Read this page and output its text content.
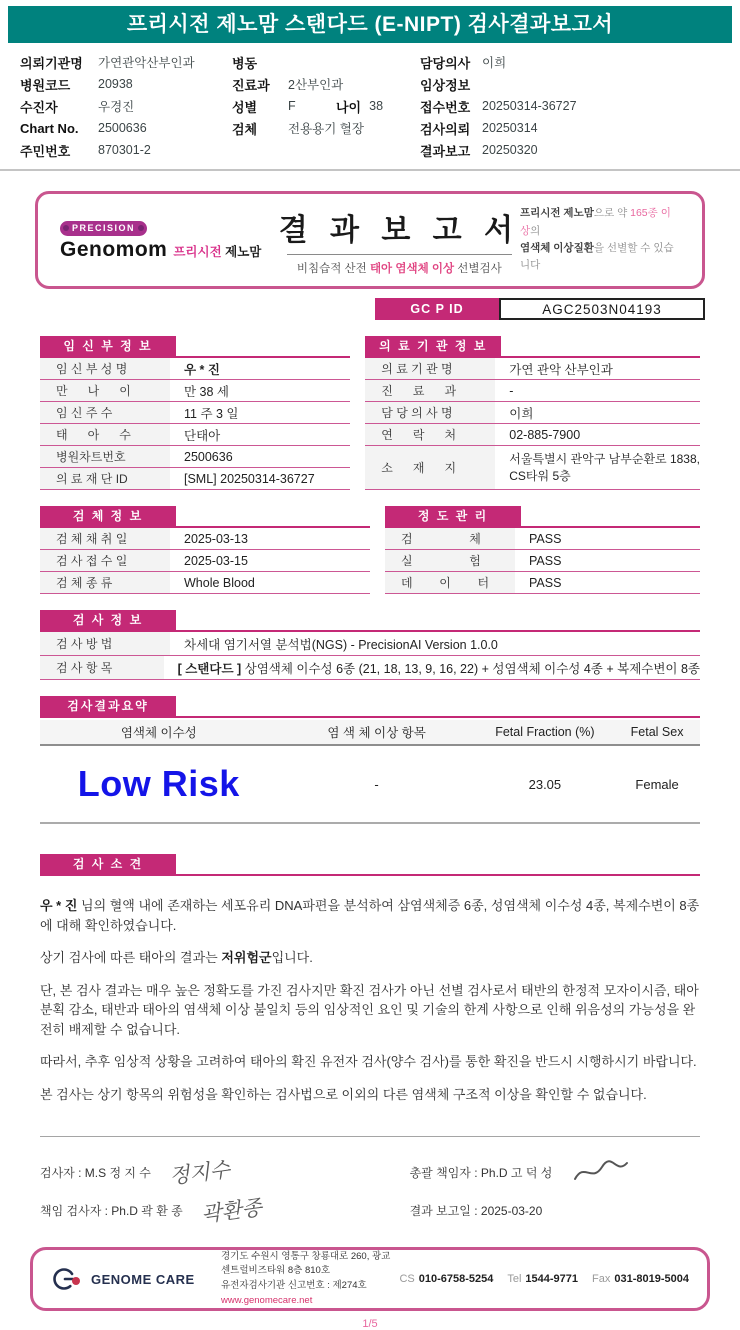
프리시전 제노맘 스탠다드 (E-NIPT) 검사결과보고서
의뢰기관명	가연관악산부인과
병원코드	20938
수진자	우경진
Chart No.	2500636
주민번호	870301-2
병동
진료과	2산부인과
성별	F	나이 38
검체	전용용기 혈장
담당의사 이희
임상정보
접수번호 20250314-36727
검사의뢰 20250314
결과보고 20250320
PRECISION
Genomom 프리시전 제노맘
결 과 보 고 서
비침습적 산전 태아 염색체 이상 선별검사
프리시전 제노맘으로 약 165종 이상의
염색체 이상질환을 선별할 수 있습니다
GC P ID	AGC2503N04193
임 신 부 정 보
임 신 부 성 명	우 * 진
만      나      이	만 38 세
임 신 주 수	11 주 3 일
태      아      수	단태아
병원차트번호	2500636
의 료 재 단 ID	[SML] 20250314-36727
의 료 기 관 정 보
의 료 기 관 명	가연 관악 산부인과
진      료      과	-
담 당 의 사 명	이희
연      락      처	02-885-7900
소      재      지
서울특별시 관악구 남부순환로 1838,
CS타워 5층
검 체 정 보
검 체 채 취 일	2025-03-13
검 사 접 수 일	2025-03-15
검 체 종 류	Whole Blood
정 도 관 리
검                 체	PASS
실                 험	PASS
데        이        터	PASS
검 사 정 보
검 사 방 법	차세대 염기서열 분석법(NGS) - PrecisionAI Version 1.0.0
검 사 항 목	[ 스탠다드 ] 상염색체 이수성 6종 (21, 18, 13, 9, 16, 22) + 성염색체 이수성 4종 + 복제수변이 8종
검사결과요약
염색체 이수성	염 색 체 이상 항목	Fetal Fraction (%)	Fetal Sex
Low Risk	-	23.05	Female
검 사 소 견

우 * 진 님의 혈액 내에 존재하는 세포유리 DNA파편을 분석하여 삼염색체증 6종, 성염색체 이수성 4종, 복제수변이 8종에 대해 확인하였습니다.

상기 검사에 따른 태아의 결과는 저위험군입니다.

단, 본 검사 결과는 매우 높은 정확도를 가진 검사지만 확진 검사가 아닌 선별 검사로서 태반의 한정적 모자이시즘, 태아 분획 감소, 태반과 태아의 염색체 이상 불일치 등의 임상적인 요인 및 기술의 한계 사항으로 인해 위음성의 가능성을 완전히 배제할 수 없습니다.

따라서, 추후 임상적 상황을 고려하여 태아의 확진 유전자 검사(양수 검사)를 통한 확진을 반드시 시행하시기 바랍니다.

본 검사는 상기 항목의 위험성을 확인하는 검사법으로 이외의 다른 염색체 구조적 이상을 확인할 수 없습니다.

검사자 : M.S 정 지 수 정지수
책임 검사자 : Ph.D 곽 환 종 곽환종
총괄 책임자 : Ph.D 고 덕 성
결과 보고일 : 2025-03-20
GENOME CARE
경기도 수원시 영통구 창룡대로 260, 광교 센트럴비즈타워 8층 810호
유전자검사기관 신고번호 : 제274호
www.genomecare.net
CS 010-6758-5254 Tel 1544-9771 Fax 031-8019-5004
1/5
